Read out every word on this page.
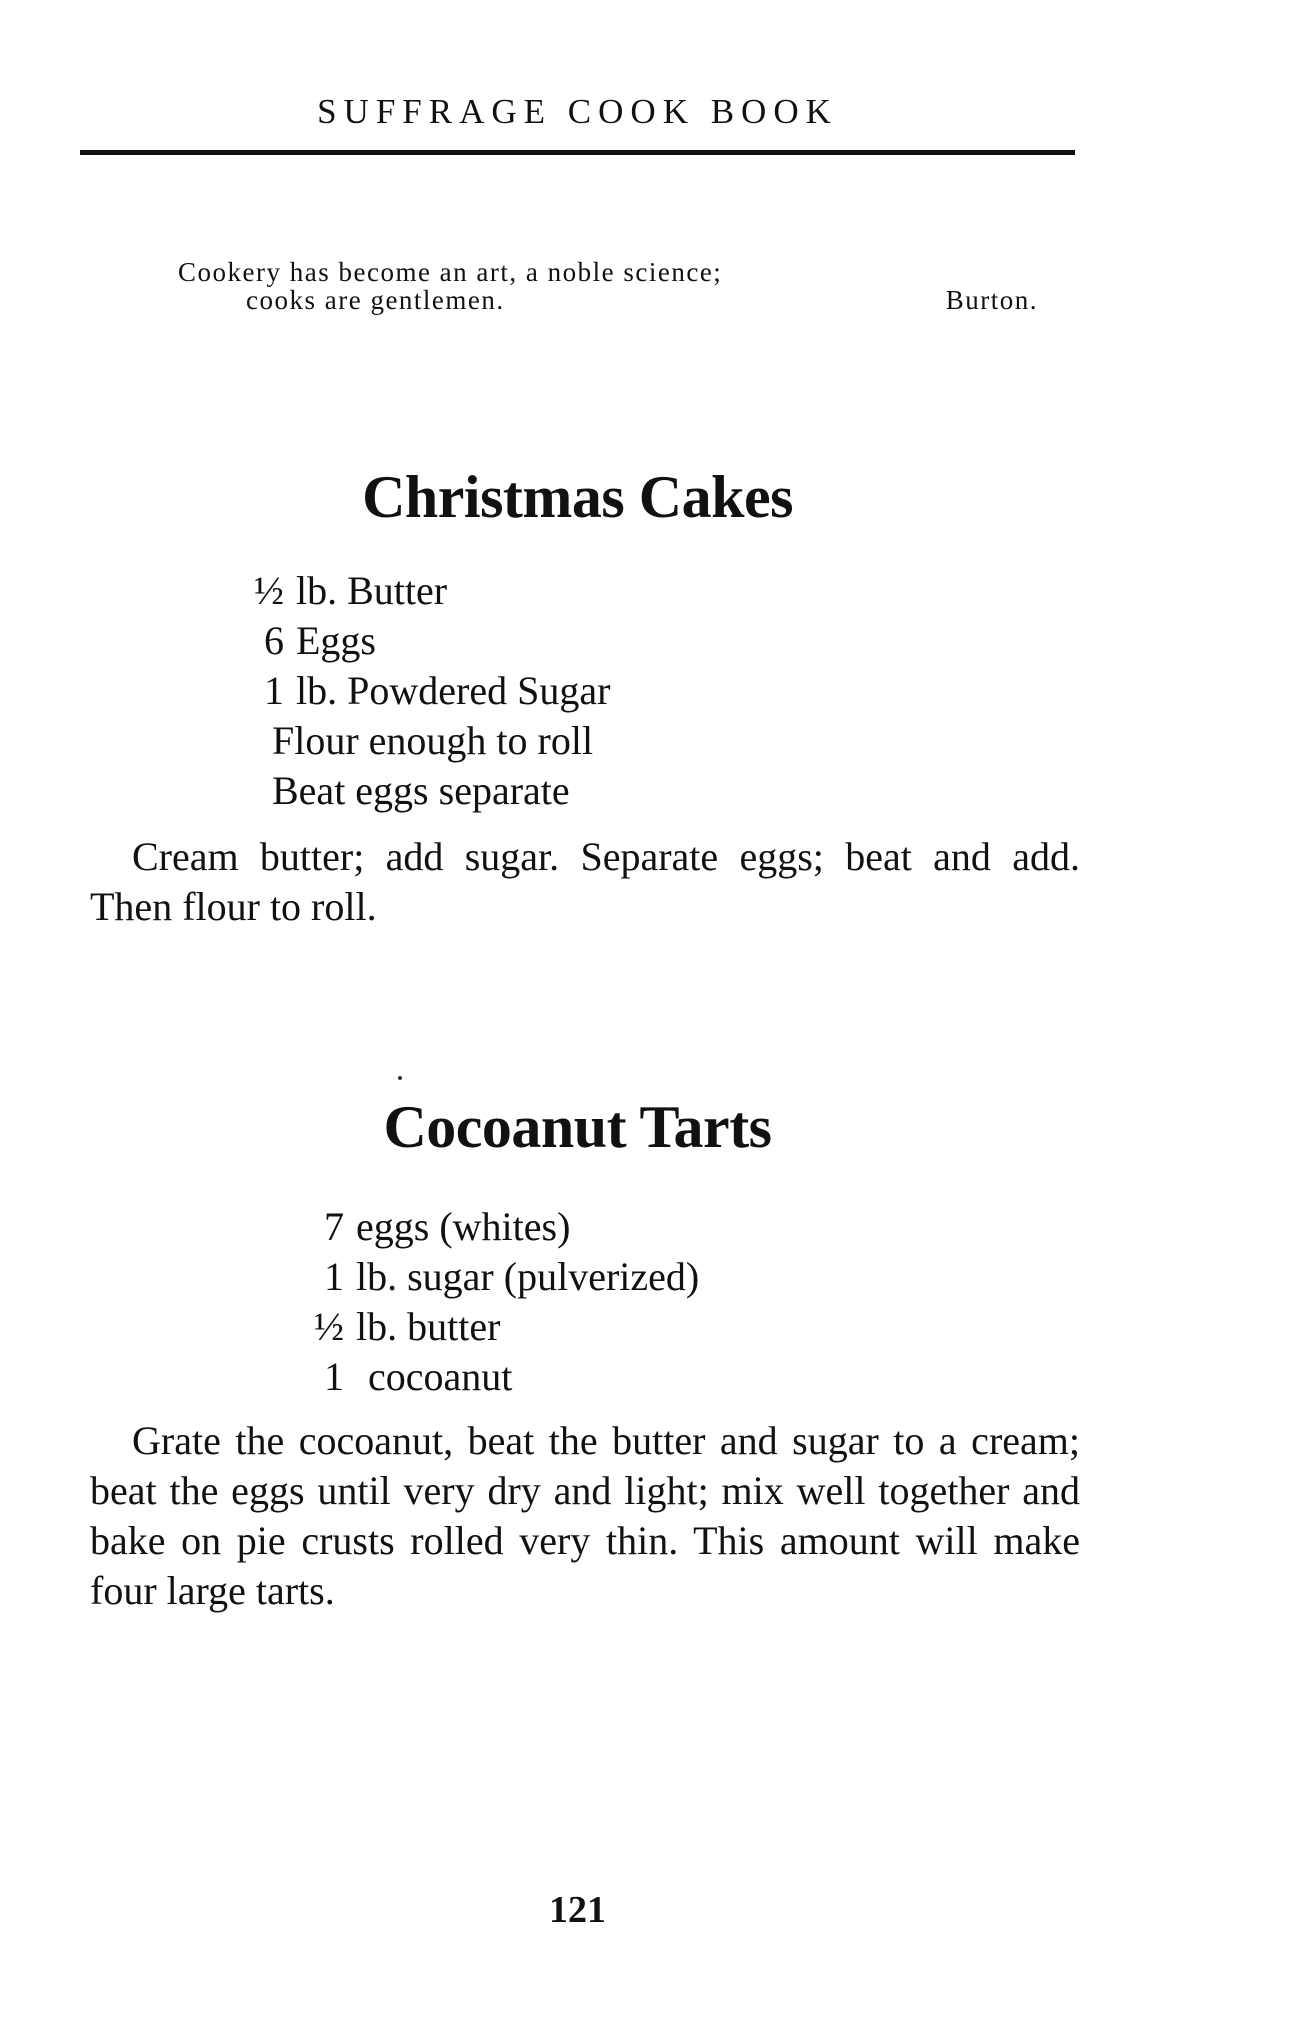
SUFFRAGE COOK BOOK
Cookery has become an art, a noble science;
cooks are gentlemen.	Burton.
Christmas Cakes
½ lb. Butter
6 Eggs
1 lb. Powdered Sugar
Flour enough to roll
Beat eggs separate
Cream butter; add sugar. Separate eggs; beat and add. Then flour to roll.
Cocoanut Tarts
7 eggs (whites)
1 lb. sugar (pulverized)
½ lb. butter
1 cocoanut
Grate the cocoanut, beat the butter and sugar to a cream; beat the eggs until very dry and light; mix well together and bake on pie crusts rolled very thin. This amount will make four large tarts.
121
